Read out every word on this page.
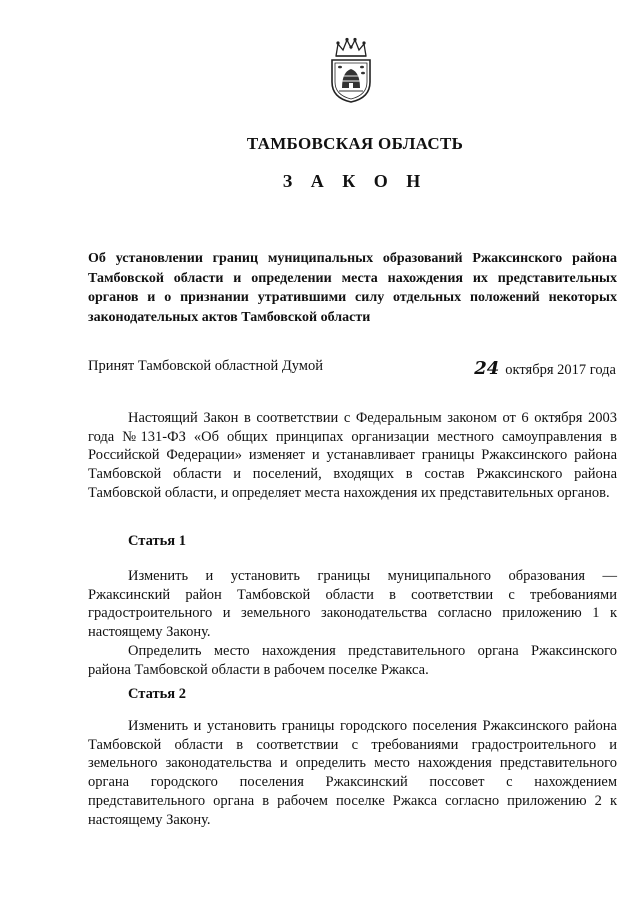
ТАМБОВСКАЯ ОБЛАСТЬ
З А К О Н
Об установлении границ муниципальных образований Ржаксинского района Тамбовской области и определении места нахождения их представительных органов и о признании утратившими силу отдельных положений некоторых законодательных актов Тамбовской области
Принят Тамбовской областной Думой	24 октября 2017 года

Настоящий Закон в соответствии с Федеральным законом от 6 октября 2003 года №131-ФЗ «Об общих принципах организации местного самоуправления в Российской Федерации» изменяет и устанавливает границы Ржаксинского района Тамбовской области и поселений, входящих в состав Ржаксинского района Тамбовской области, и определяет места нахождения их представительных органов.

Статья 1

Изменить и установить границы муниципального образования — Ржаксинский район Тамбовской области в соответствии с требованиями градостроительного и земельного законодательства согласно приложению 1 к настоящему Закону.

Определить место нахождения представительного органа Ржаксинского района Тамбовской области в рабочем поселке Ржакса.

Статья 2

Изменить и установить границы городского поселения Ржаксинского района Тамбовской области в соответствии с требованиями градостроительного и земельного законодательства и определить место нахождения представительного органа городского поселения Ржаксинский поссовет с нахождением представительного органа в рабочем поселке Ржакса согласно приложению 2 к настоящему Закону.
